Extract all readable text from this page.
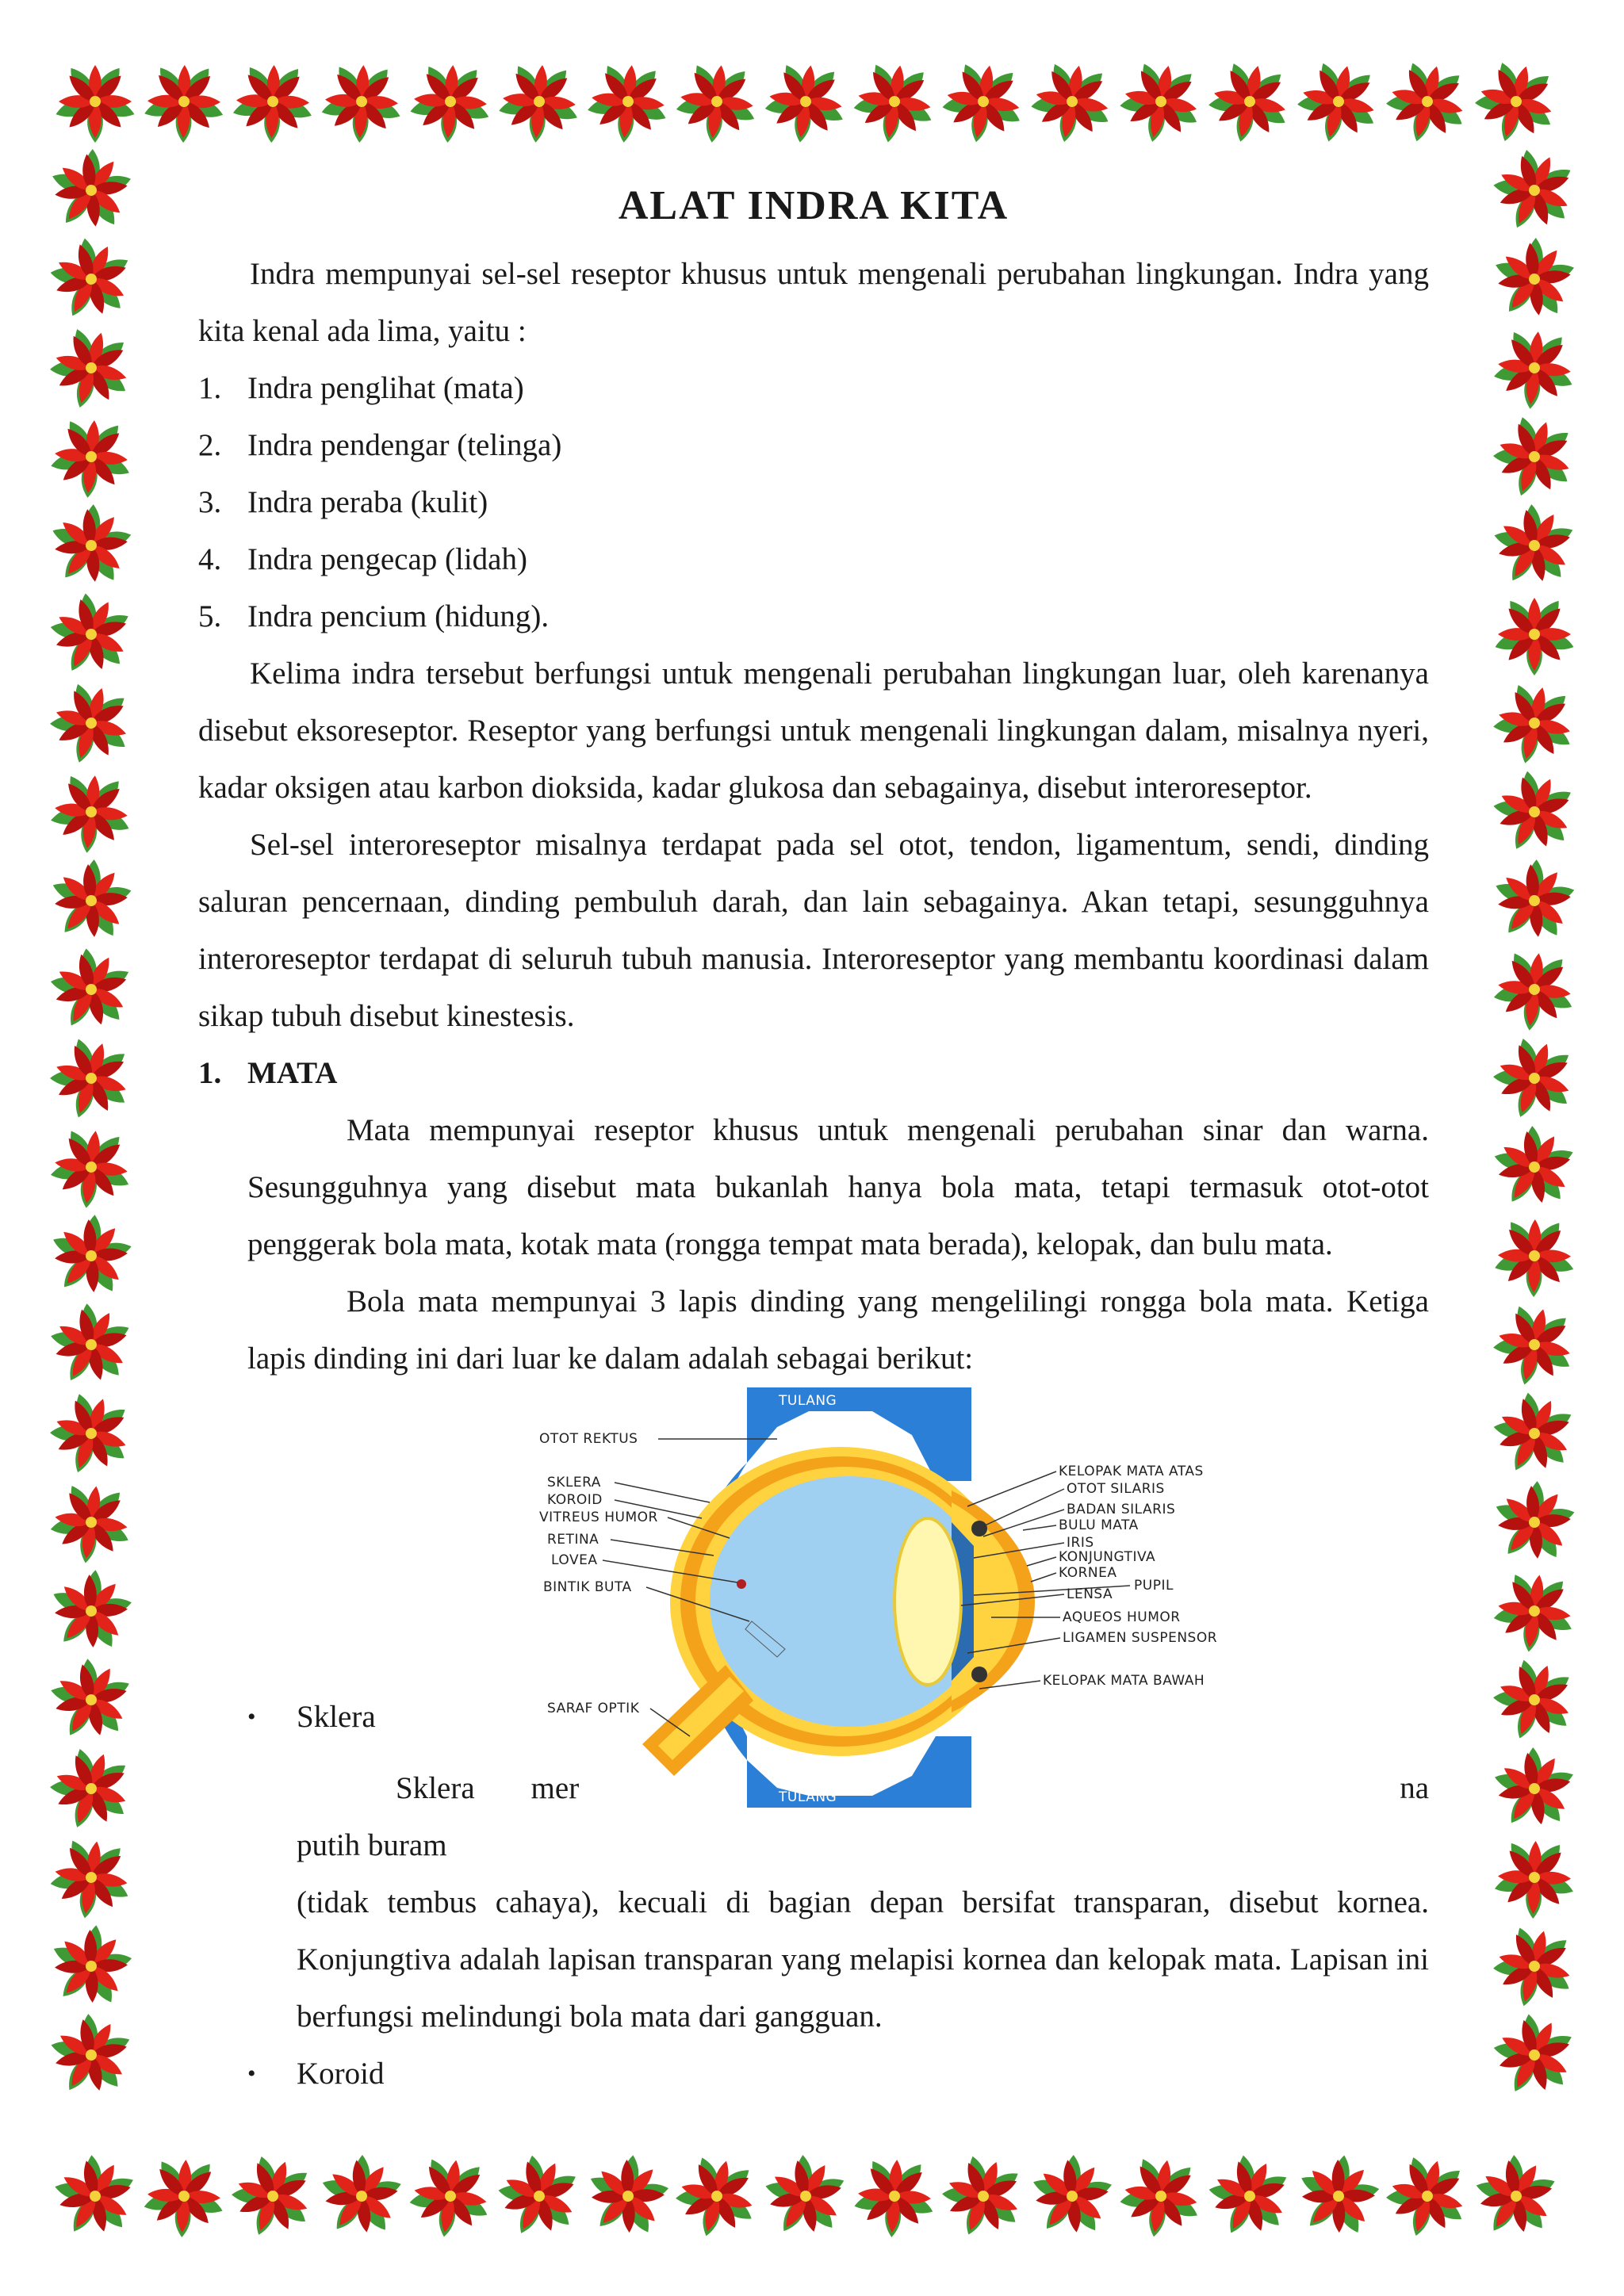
ALAT INDRA KITA

Indra mempunyai sel-sel reseptor khusus untuk mengenali perubahan lingkungan. Indra yang kita kenal ada lima, yaitu :

1. Indra penglihat (mata)
2. Indra pendengar (telinga)
3. Indra peraba (kulit)
4. Indra pengecap (lidah)
5. Indra pencium (hidung).

Kelima indra tersebut berfungsi untuk mengenali perubahan lingkungan luar, oleh karenanya disebut eksoreseptor. Reseptor yang berfungsi untuk mengenali lingkungan dalam, misalnya nyeri, kadar oksigen atau karbon dioksida, kadar glukosa dan sebagainya, disebut interoreseptor.

Sel-sel interoreseptor misalnya terdapat pada sel otot, tendon, ligamentum, sendi, dinding saluran pencernaan, dinding pembuluh darah, dan lain sebagainya. Akan tetapi, sesungguhnya interoreseptor terdapat di seluruh tubuh manusia. Interoreseptor yang membantu koordinasi dalam sikap tubuh disebut kinestesis.

1. MATA

Mata mempunyai reseptor khusus untuk mengenali perubahan sinar dan warna. Sesungguhnya yang disebut mata bukanlah hanya bola mata, tetapi termasuk otot-otot penggerak bola mata, kotak mata (rongga tempat mata berada), kelopak, dan bulu mata.

Bola mata mempunyai 3 lapis dinding yang mengelilingi rongga bola mata. Ketiga lapis dinding ini dari luar ke dalam adalah sebagai berikut:

TULANG
TULANG
OTOT REKTUS
SKLERA
KOROID
VITREUS HUMOR
RETINA
LOVEA
BINTIK BUTA
SARAF OPTIK
KELOPAK MATA ATAS
OTOT SILARIS
BADAN SILARIS
BULU MATA
IRIS
KONJUNGTIVA
KORNEA
PUPIL
LENSA
AQUEOS HUMOR
LIGAMEN SUSPENSOR
KELOPAK MATA BAWAH
•	Sklera

Sklera mer	na putih buram

(tidak tembus cahaya), kecuali di bagian depan bersifat transparan, disebut kornea. Konjungtiva adalah lapisan transparan yang melapisi kornea dan kelopak mata. Lapisan ini berfungsi melindungi bola mata dari gangguan.

•	Koroid
